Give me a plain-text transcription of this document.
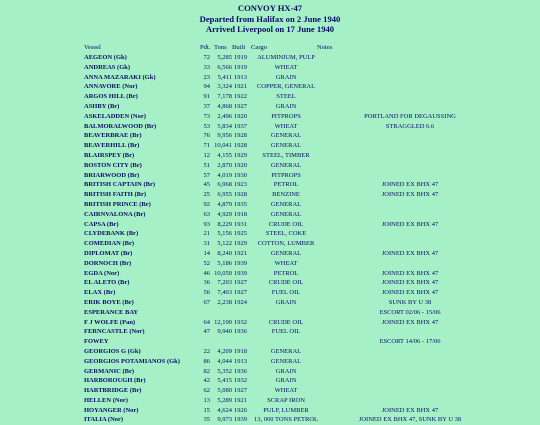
CONVOY HX-47
Departed from Halifax on 2 June 1940
Arrived Liverpool on 17 June 1940
Vessel	Pdt. Tons Built Cargo	Notes
AEGEON (Gk)	72	5,285 1919	ALUMINIUM, PULP
ANDREAS (Gk)	33	6,566 1919	WHEAT
ANNA MAZARAKI (Gk)	23	5,411 1913	GRAIN
ANNAVORE (Nor)	94	3,324 1921	COPPER, GENERAL
ARGOS HILL (Br)	91	7,178 1922	STEEL
ASHBY (Br)	37	4,868 1927	GRAIN
ASKELADDEN (Nor)	73	2,496 1920	PITPROPS	PORTLAND FOR DEGAUSSING
BALMORALWOOD (Br)	53	5,834 1937	WHEAT	STRAGGLED 6.6
BEAVERBRAE (Br)	76	9,956 1928	GENERAL
BEAVERHILL (Br)	71 10,041 1928	GENERAL
BLAIRSPEY (Br)	12	4,155 1929	STEEL, TIMBER
BOSTON CITY (Br)	51	2,870 1920	GENERAL
BRIARWOOD (Br)	57	4,019 1930	PITPROPS
BRITISH CAPTAIN (Br)	45	6,968 1923	PETROL	JOINED EX BHX 47
BRITISH FAITH (Br)	25	6,955 1928	BENZINE	JOINED EX BHX 47
BRITISH PRINCE (Br)	92	4,879 1935	GENERAL
CAIRNVALONA (Br)	63	4,929 1918	GENERAL
CAPSA (Br)	93	8,229 1931	CRUDE OIL	JOINED EX BHX 47
CLYDEBANK (Br)	21	5,156 1925	STEEL, COKE
COMEDIAN (Br)	31	5,122 1929	COTTON, LUMBER
DIPLOMAT (Br)	14	8,240 1921	GENERAL	JOINED EX BHX 47
DORNOCH (Br)	52	5,186 1939	WHEAT
EGDA (Nor)	46 10,050 1939	PETROL	JOINED EX BHX 47
EL ALETO (Br)	36	7,203 1927	CRUDE OIL	JOINED EX BHX 47
ELAX (Br)	56	7,403 1927	FUEL OIL	JOINED EX BHX 47
ERIK BOYE (Br)	67	2,238 1924	GRAIN	SUNK BY U 38
ESPERANCE BAY	ESCORT 02/06 - 15/06
F J WOLFE (Pan)	64 12,190 1932	CRUDE OIL	JOINED EX BHX 47
FERNCASTLE (Nor)	47	9,940 1936	FUEL OIL
FOWEY	ESCORT 14/06 - 17/06
GEORGIOS G (Gk)	22	4,209 1918	GENERAL
GEORGIOS POTAMIANOS (Gk)	86	4,044 1913	GENERAL
GERMANIC (Br)	82	5,352 1936	GRAIN
HARBOROUGH (Br)	42	5,415 1932	GRAIN
HARTBRIDGE (Br)	62	5,080 1927	WHEAT
HELLEN (Nor)	13	5,289 1921	SCRAP IRON
HOYANGER (Nor)	15	4,624 1926	PULP, LUMBER	JOINED EX BHX 47
ITALIA (Nor)	35	9,973 1939	13, 000 TONS PETROL	JOINED EX BHX 47, SUNK BY U 38
